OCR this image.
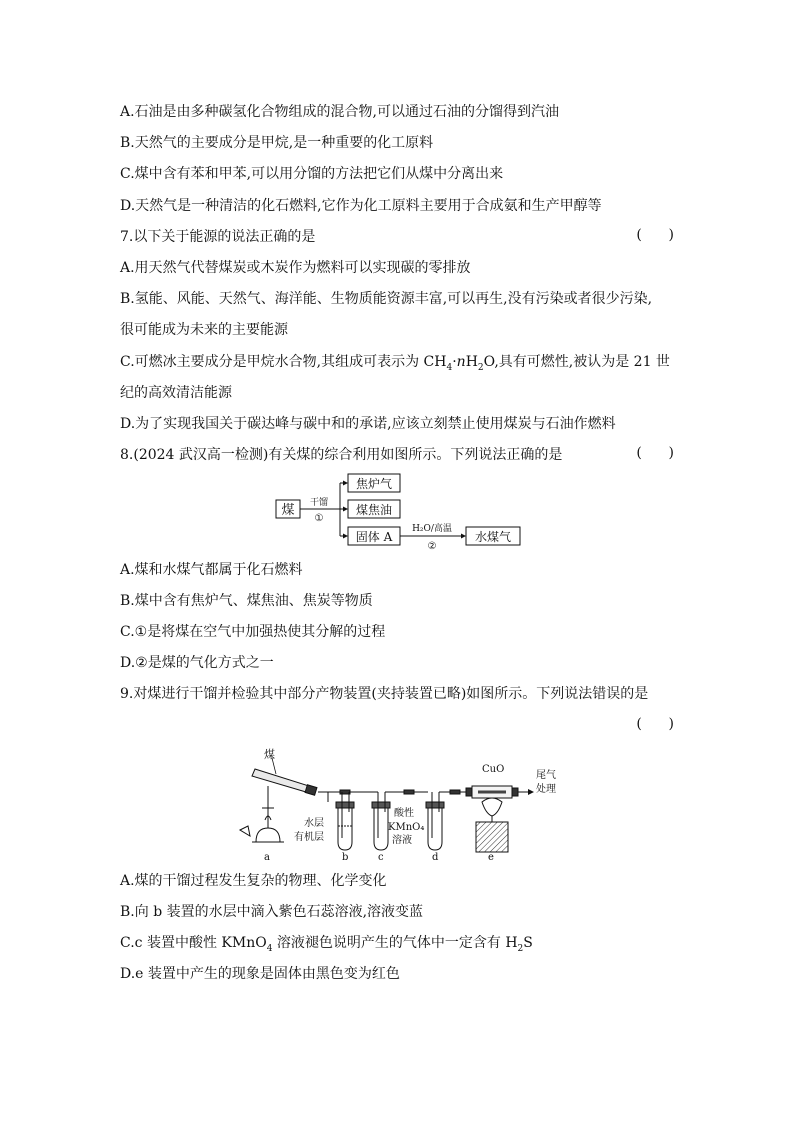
A.石油是由多种碳氢化合物组成的混合物,可以通过石油的分馏得到汽油
B.天然气的主要成分是甲烷,是一种重要的化工原料
C.煤中含有苯和甲苯,可以用分馏的方法把它们从煤中分离出来
D.天然气是一种清洁的化石燃料,它作为化工原料主要用于合成氨和生产甲醇等
7.以下关于能源的说法正确的是	(      )
A.用天然气代替煤炭或木炭作为燃料可以实现碳的零排放
B.氢能、风能、天然气、海洋能、生物质能资源丰富,可以再生,没有污染或者很少污染,
很可能成为未来的主要能源
C.可燃冰主要成分是甲烷水合物,其组成可表示为 $CH_4\cdot nH_2O$,具有可燃性,被认为是 21 世
纪的高效清洁能源
D.为了实现我国关于碳达峰与碳中和的承诺,应该立刻禁止使用煤炭与石油作燃料
8.(2024 武汉高一检测)有关煤的综合利用如图所示。下列说法正确的是	(      )
煤 干馏
①
焦炉气
煤焦油
固体 A
H₂O/高温
②
水煤气
A.煤和水煤气都属于化石燃料
B.煤中含有焦炉气、煤焦油、焦炭等物质
C.①是将煤在空气中加强热使其分解的过程
D.②是煤的气化方式之一
9.对煤进行干馏并检验其中部分产物装置(夹持装置已略)如图所示。下列说法错误的是
(      )
煤
水层
有机层
酸性
KMnO₄
溶液
CuO
尾气
处理
a	b	c	d	e
A.煤的干馏过程发生复杂的物理、化学变化
B.向 b 装置的水层中滴入紫色石蕊溶液,溶液变蓝
C.c 装置中酸性 KMnO$_4$ 溶液褪色说明产生的气体中一定含有 $H_2S$
D.e 装置中产生的现象是固体由黑色变为红色
